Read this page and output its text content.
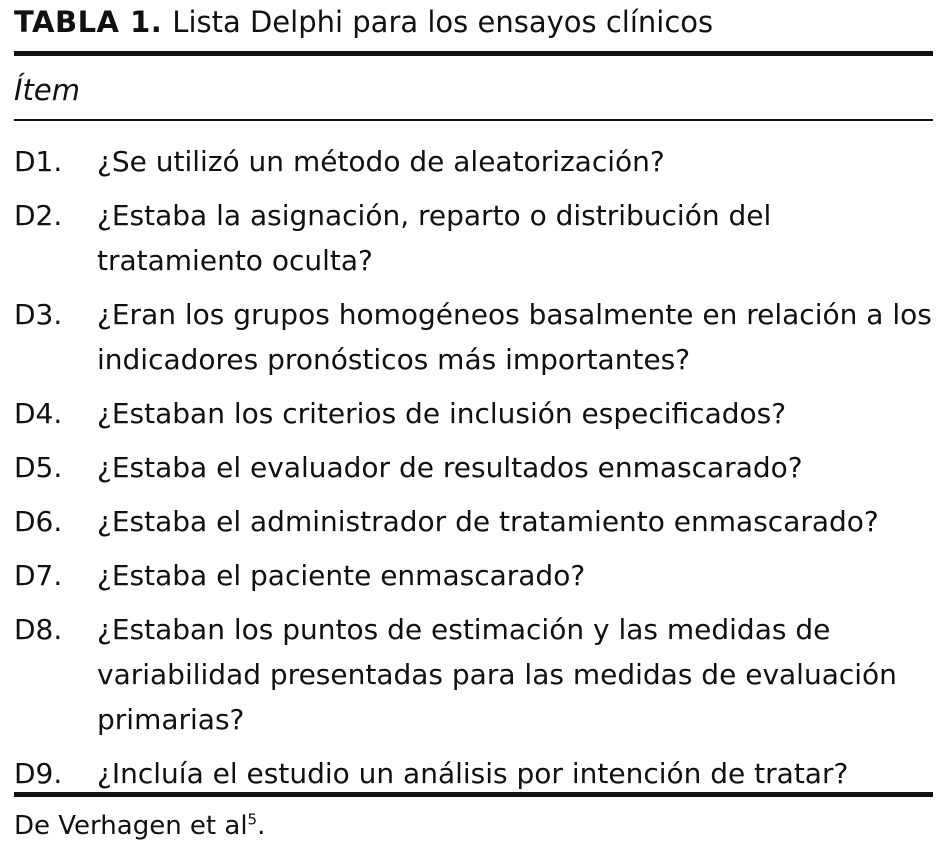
TABLA 1. Lista Delphi para los ensayos clínicos
Ítem
D1.	¿Se utilizó un método de aleatorización?
D2.	¿Estaba la asignación, reparto o distribución del tratamiento oculta?
D3.	¿Eran los grupos homogéneos basalmente en relación a los indicadores pronósticos más importantes?
D4.	¿Estaban los criterios de inclusión especificados?
D5.	¿Estaba el evaluador de resultados enmascarado?
D6.	¿Estaba el administrador de tratamiento enmascarado?
D7.	¿Estaba el paciente enmascarado?
D8.	¿Estaban los puntos de estimación y las medidas de variabilidad presentadas para las medidas de evaluación primarias?
D9.	¿Incluía el estudio un análisis por intención de tratar?
De Verhagen et $al^5$.
